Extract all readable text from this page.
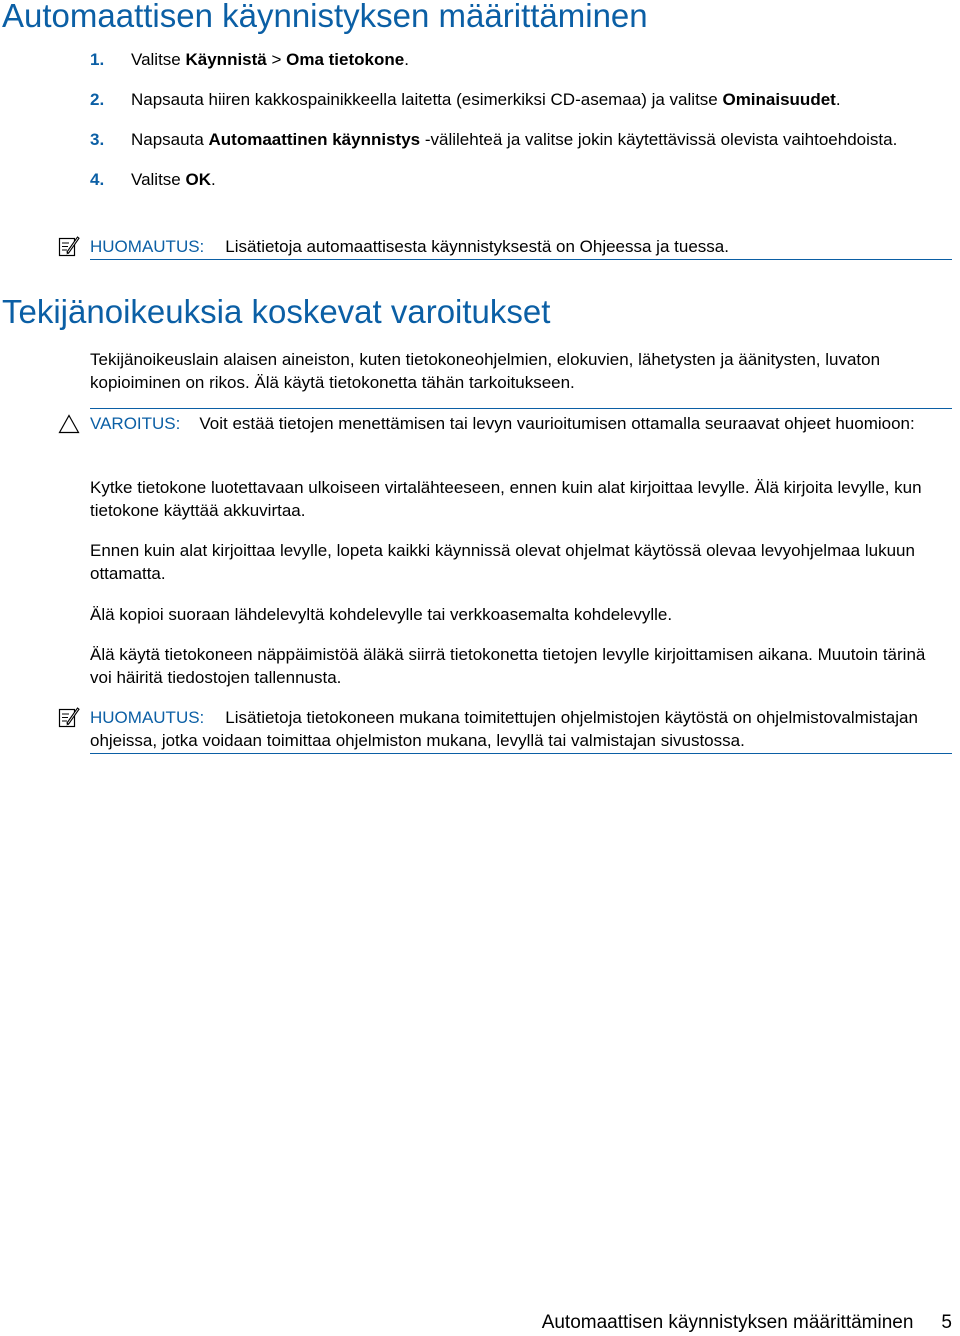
Automaattisen käynnistyksen määrittäminen
1. Valitse Käynnistä > Oma tietokone.
2. Napsauta hiiren kakkospainikkeella laitetta (esimerkiksi CD-asemaa) ja valitse Ominaisuudet.
3. Napsauta Automaattinen käynnistys -välilehteä ja valitse jokin käytettävissä olevista vaihtoehdoista.
4. Valitse OK.
HUOMAUTUS: Lisätietoja automaattisesta käynnistyksestä on Ohjeessa ja tuessa.
Tekijänoikeuksia koskevat varoitukset

Tekijänoikeuslain alaisen aineiston, kuten tietokoneohjelmien, elokuvien, lähetysten ja äänitysten, luvaton kopioiminen on rikos. Älä käytä tietokonetta tähän tarkoitukseen.

VAROITUS: Voit estää tietojen menettämisen tai levyn vaurioitumisen ottamalla seuraavat ohjeet huomioon:

Kytke tietokone luotettavaan ulkoiseen virtalähteeseen, ennen kuin alat kirjoittaa levylle. Älä kirjoita levylle, kun tietokone käyttää akkuvirtaa.

Ennen kuin alat kirjoittaa levylle, lopeta kaikki käynnissä olevat ohjelmat käytössä olevaa levyohjelmaa lukuun ottamatta.

Älä kopioi suoraan lähdelevyltä kohdelevylle tai verkkoasemalta kohdelevylle.

Älä käytä tietokoneen näppäimistöä äläkä siirrä tietokonetta tietojen levylle kirjoittamisen aikana. Muutoin tärinä voi häiritä tiedostojen tallennusta.

HUOMAUTUS: Lisätietoja tietokoneen mukana toimitettujen ohjelmistojen käytöstä on ohjelmistovalmistajan ohjeissa, jotka voidaan toimittaa ohjelmiston mukana, levyllä tai valmistajan sivustossa.
Automaattisen käynnistyksen määrittäminen 5
